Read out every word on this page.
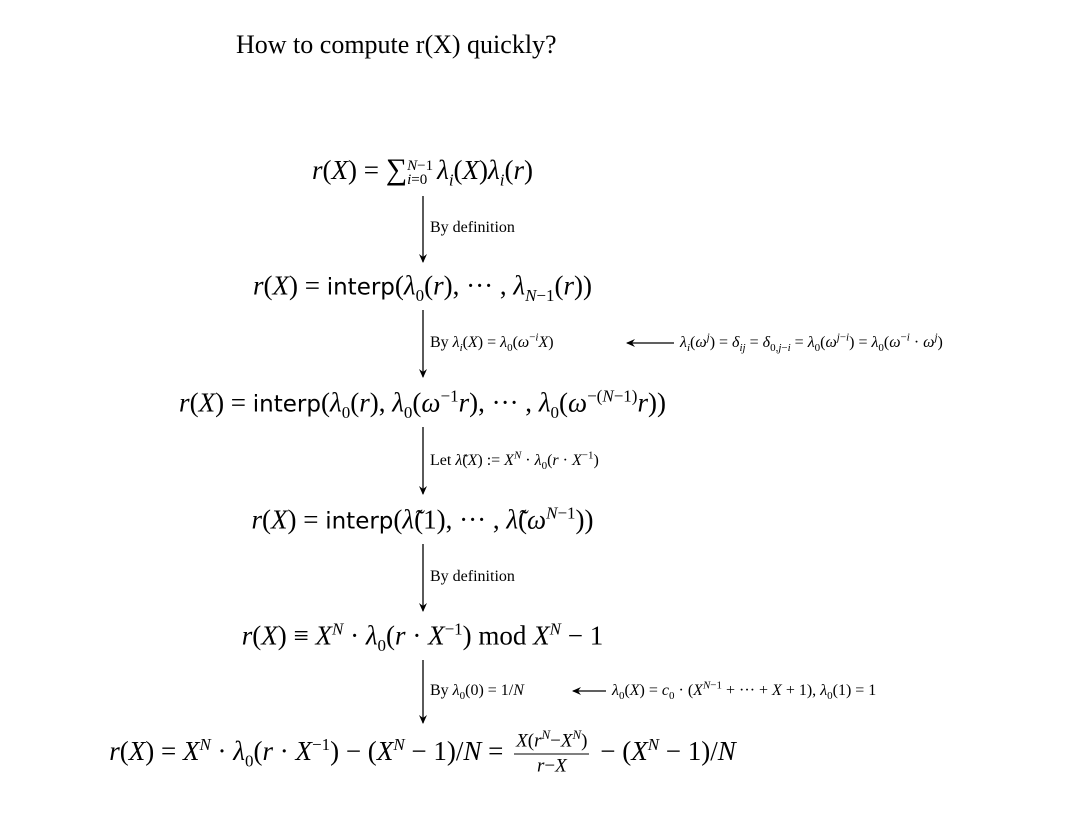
How to compute r(X) quickly?
r(X) = ∑ N−1
i=0 $\lambda_i(X)\lambda_i(r)$
$r(X) = interp(\lambda_0(r)$, ··· , $\lambda_{N-1}(r)$)
$r(X) = interp(\lambda_0(r)$, $\lambda_0(\omega^{-1}r)$, ··· , $\lambda_0(\omega^{-(N-1)}r)$)
r(X) = interp(λ̃(1), ··· , $\lambdã(\omega^{N-1})$)
$r(X) \equiv X^N \cdot \lambda_0(r \cdot X^{-1})$ mod $X^N - 1$
$r(X) = X^N \cdot \lambda_0(r \cdot X^{-1}) - (X^N - 1)/N = \frac{X(r^N-X^N)}{r-X} - (X^N - 1)/N$
By definition
By $\lambda_i(X) = \lambda_0(\omega^{-i}X)$	$\lambda_i(\omega^j) = \delta_{ij} = \delta_{0,j-i} = \lambda_0(\omega^{j-i}) = \lambda_0(\omega^{-i} \cdot \omega^j)$
Let λ̃(X) := $X^N \cdot \lambda_0(r \cdot X^{-1})$
By definition
By $\lambda_0(0) = 1/N$	$\lambda_0(X) = c_0 \cdot (X^{N-1}$ + ··· + X + 1), $\lambda_0(1) = 1$
